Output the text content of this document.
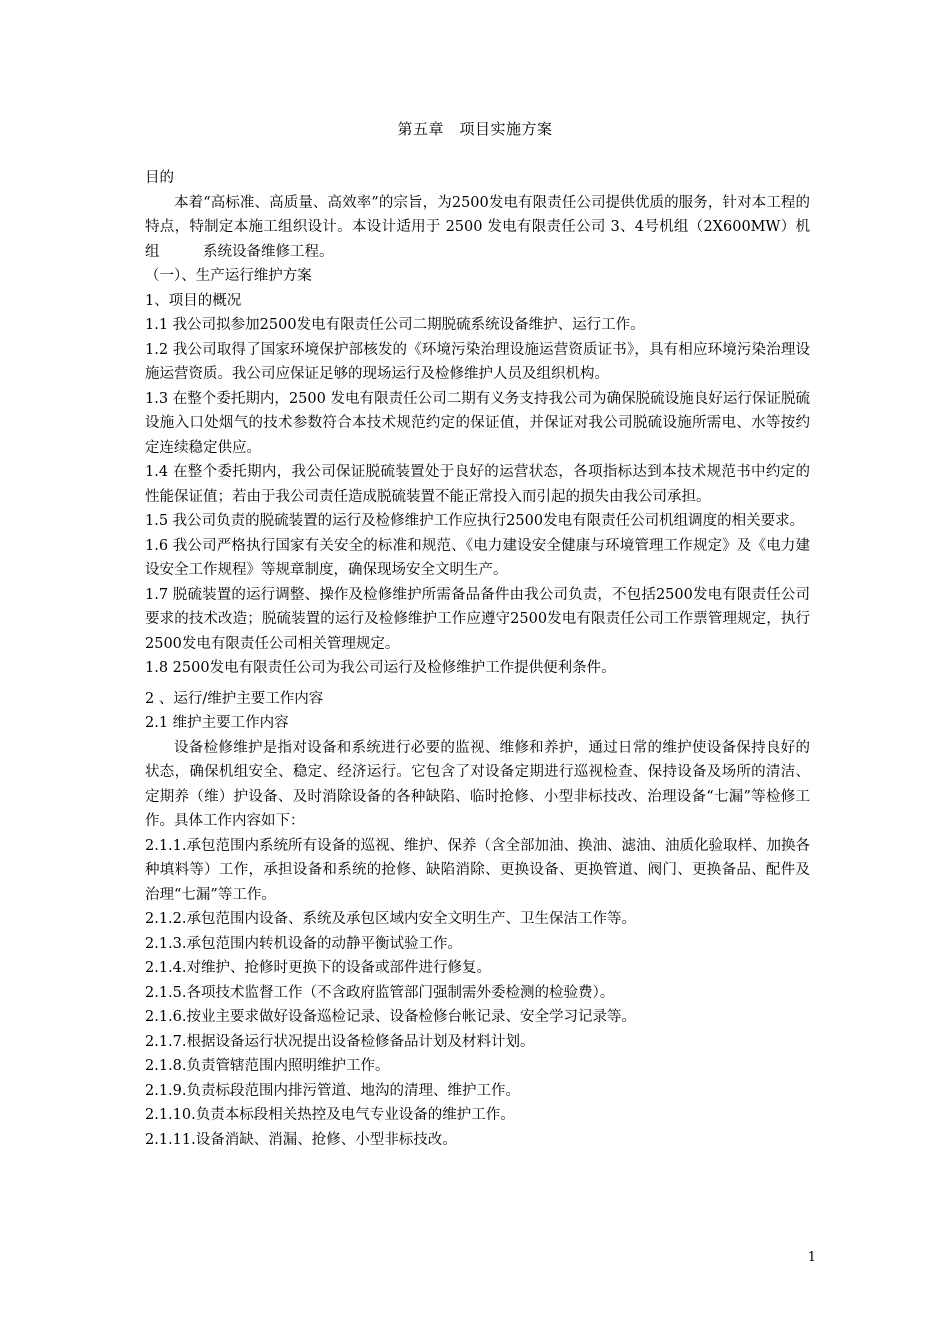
第五章　项目实施方案

目的

本着“高标准、高质量、高效率”的宗旨，为2500发电有限责任公司提供优质的服务，针对本工程的特点，特制定本施工组织设计。本设计适用于 2500 发电有限责任公司 3、4号机组（2X600MW）机组　　　系统设备维修工程。

（一）、生产运行维护方案

1、项目的概况

1.1 我公司拟参加2500发电有限责任公司二期脱硫系统设备维护、运行工作。

1.2 我公司取得了国家环境保护部核发的《环境污染治理设施运营资质证书》，具有相应环境污染治理设施运营资质。我公司应保证足够的现场运行及检修维护人员及组织机构。

1.3 在整个委托期内，2500 发电有限责任公司二期有义务支持我公司为确保脱硫设施良好运行保证脱硫设施入口处烟气的技术参数符合本技术规范约定的保证值，并保证对我公司脱硫设施所需电、水等按约定连续稳定供应。

1.4 在整个委托期内，我公司保证脱硫装置处于良好的运营状态，各项指标达到本技术规范书中约定的性能保证值；若由于我公司责任造成脱硫装置不能正常投入而引起的损失由我公司承担。

1.5 我公司负责的脱硫装置的运行及检修维护工作应执行2500发电有限责任公司机组调度的相关要求。

1.6 我公司严格执行国家有关安全的标准和规范、《电力建设安全健康与环境管理工作规定》及《电力建设安全工作规程》等规章制度，确保现场安全文明生产。

1.7 脱硫装置的运行调整、操作及检修维护所需备品备件由我公司负责，不包括2500发电有限责任公司要求的技术改造；脱硫装置的运行及检修维护工作应遵守2500发电有限责任公司工作票管理规定，执行2500发电有限责任公司相关管理规定。

1.8 2500发电有限责任公司为我公司运行及检修维护工作提供便利条件。

2 、运行/维护主要工作内容

2.1 维护主要工作内容

设备检修维护是指对设备和系统进行必要的监视、维修和养护，通过日常的维护使设备保持良好的状态，确保机组安全、稳定、经济运行。它包含了对设备定期进行巡视检查、保持设备及场所的清洁、定期养（维）护设备、及时消除设备的各种缺陷、临时抢修、小型非标技改、治理设备“七漏”等检修工作。具体工作内容如下：

2.1.1.承包范围内系统所有设备的巡视、维护、保养（含全部加油、换油、滤油、油质化验取样、加换各种填料等）工作，承担设备和系统的抢修、缺陷消除、更换设备、更换管道、阀门、更换备品、配件及治理“七漏”等工作。

2.1.2.承包范围内设备、系统及承包区域内安全文明生产、卫生保洁工作等。

2.1.3.承包范围内转机设备的动静平衡试验工作。

2.1.4.对维护、抢修时更换下的设备或部件进行修复。

2.1.5.各项技术监督工作（不含政府监管部门强制需外委检测的检验费）。

2.1.6.按业主要求做好设备巡检记录、设备检修台帐记录、安全学习记录等。

2.1.7.根据设备运行状况提出设备检修备品计划及材料计划。

2.1.8.负责管辖范围内照明维护工作。

2.1.9.负责标段范围内排污管道、地沟的清理、维护工作。

2.1.10.负责本标段相关热控及电气专业设备的维护工作。

2.1.11.设备消缺、消漏、抢修、小型非标技改。

1
